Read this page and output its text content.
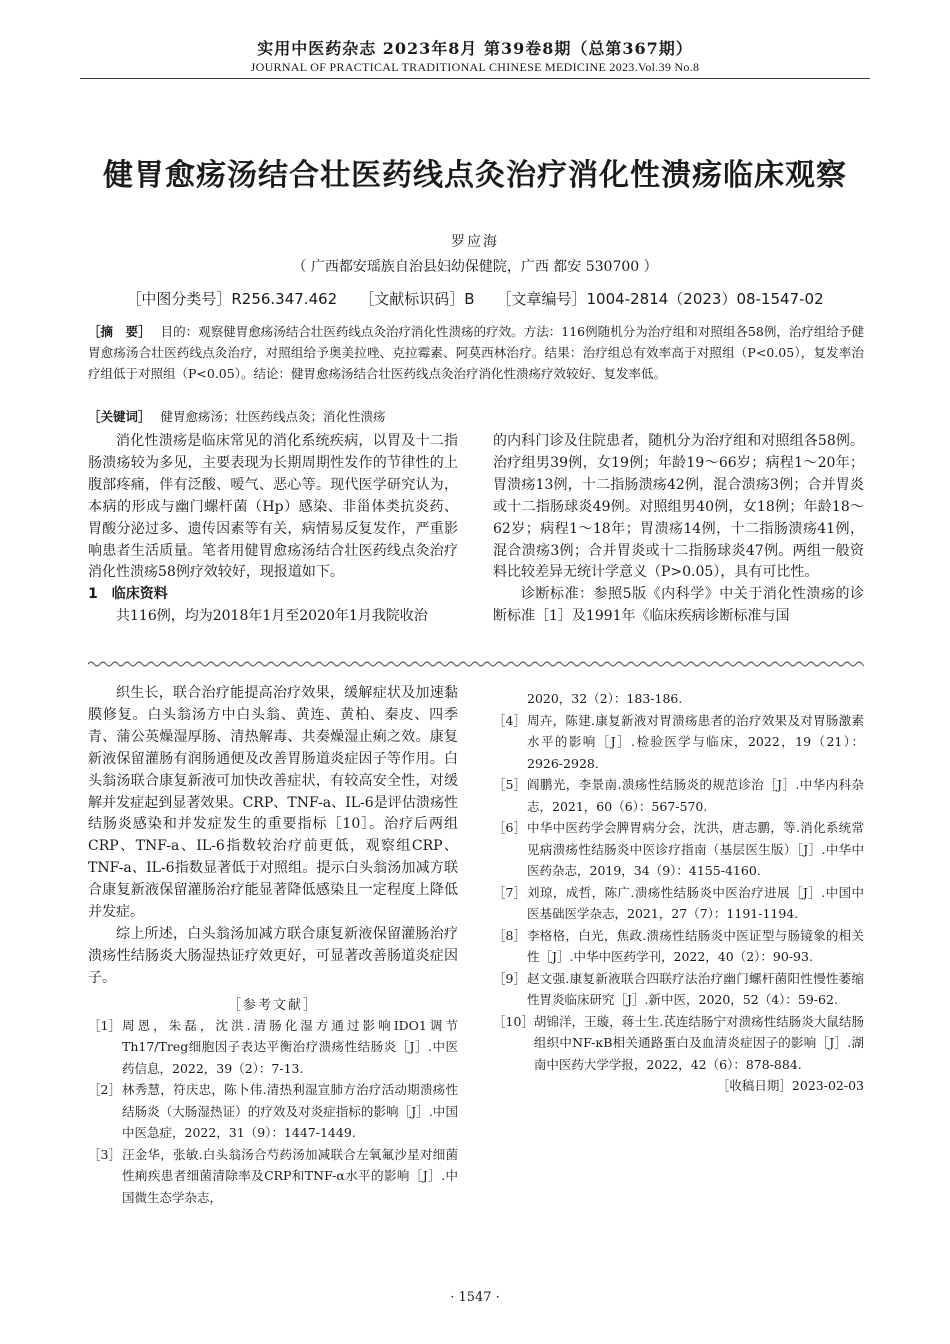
实用中医药杂志 2023年8月 第39卷8期（总第367期）
JOURNAL OF PRACTICAL TRADITIONAL CHINESE MEDICINE 2023.Vol.39 No.8
健胃愈疡汤结合壮医药线点灸治疗消化性溃疡临床观察
罗应海
（ 广西都安瑶族自治县妇幼保健院，广西 都安 530700 ）
［中图分类号］R256.347.462 ［文献标识码］B ［文章编号］1004-2814（2023）08-1547-02
［摘　要］ 目的：观察健胃愈疡汤结合壮医药线点灸治疗消化性溃疡的疗效。方法：116例随机分为治疗组和对照组各58例，治疗组给予健胃愈疡汤合壮医药线点灸治疗，对照组给予奥美拉唑、克拉霉素、阿莫西林治疗。结果：治疗组总有效率高于对照组（P<0.05），复发率治疗组低于对照组（P<0.05）。结论：健胃愈疡汤结合壮医药线点灸治疗消化性溃疡疗效较好、复发率低。
［关键词］ 健胃愈疡汤；壮医药线点灸；消化性溃疡

消化性溃疡是临床常见的消化系统疾病，以胃及十二指肠溃疡较为多见，主要表现为长期周期性发作的节律性的上腹部疼痛，伴有泛酸、嗳气、恶心等。现代医学研究认为，本病的形成与幽门螺杆菌（Hp）感染、非甾体类抗炎药、胃酸分泌过多、遗传因素等有关，病情易反复发作，严重影响患者生活质量。笔者用健胃愈疡汤结合壮医药线点灸治疗消化性溃疡58例疗效较好，现报道如下。

1　临床资料

共116例，均为2018年1月至2020年1月我院收治

的内科门诊及住院患者，随机分为治疗组和对照组各58例。治疗组男39例，女19例；年龄19～66岁；病程1～20年；胃溃疡13例，十二指肠溃疡42例，混合溃疡3例；合并胃炎或十二指肠球炎49例。对照组男40例，女18例；年龄18～62岁；病程1～18年；胃溃疡14例，十二指肠溃疡41例，混合溃疡3例；合并胃炎或十二指肠球炎47例。两组一般资料比较差异无统计学意义（P>0.05），具有可比性。

诊断标准：参照5版《内科学》中关于消化性溃疡的诊断标准［1］及1991年《临床疾病诊断标准与国

织生长，联合治疗能提高治疗效果，缓解症状及加速黏膜修复。白头翁汤方中白头翁、黄连、黄柏、秦皮、四季青、蒲公英燥湿厚肠、清热解毒、共奏燥湿止痢之效。康复新液保留灌肠有润肠通便及改善胃肠道炎症因子等作用。白头翁汤联合康复新液可加快改善症状，有较高安全性，对缓解并发症起到显著效果。CRP、TNF-a、IL-6是评估溃疡性结肠炎感染和并发症发生的重要指标［10］。治疗后两组CRP、TNF-a、IL-6指数较治疗前更低，观察组CRP、TNF-a、IL-6指数显著低于对照组。提示白头翁汤加减方联合康复新液保留灌肠治疗能显著降低感染且一定程度上降低并发症。

综上所述，白头翁汤加减方联合康复新液保留灌肠治疗溃疡性结肠炎大肠湿热证疗效更好，可显著改善肠道炎症因子。

［参考文献］
［1］ 周恩，朱磊，沈洪.清肠化湿方通过影响IDO1调节Th17/Treg细胞因子表达平衡治疗溃疡性结肠炎［J］.中医药信息，2022，39（2）：7-13.
［2］ 林秀慧，符庆忠，陈卜伟.清热利湿宣肺方治疗活动期溃疡性结肠炎（大肠湿热证）的疗效及对炎症指标的影响［J］.中国中医急症，2022，31（9）：1447-1449.
［3］ 汪金华，张敏.白头翁汤合芍药汤加减联合左氧氟沙星对细菌性痢疾患者细菌清除率及CRP和TNF-α水平的影响［J］.中国微生态学杂志，
2020，32（2）：183-186.
［4］ 周卉，陈建.康复新液对胃溃疡患者的治疗效果及对胃肠激素水平的影响［J］.检验医学与临床，2022，19（21）：2926-2928.
［5］ 阎鹏光，李景南.溃疡性结肠炎的规范诊治［J］.中华内科杂志，2021，60（6）：567-570.
［6］ 中华中医药学会脾胃病分会，沈洪，唐志鹏，等.消化系统常见病溃疡性结肠炎中医诊疗指南（基层医生版）［J］.中华中医药杂志，2019，34（9）：4155-4160.
［7］ 刘琼，成哲，陈广.溃疡性结肠炎中医治疗进展［J］.中国中医基础医学杂志，2021，27（7）：1191-1194.
［8］ 李格格，白光，焦政.溃疡性结肠炎中医证型与肠镜象的相关性［J］.中华中医药学刊，2022，40（2）：90-93.
［9］ 赵文强.康复新液联合四联疗法治疗幽门螺杆菌阳性慢性萎缩性胃炎临床研究［J］.新中医，2020，52（4）：59-62.
［10］ 胡锦洋，王璇，蒋士生.芪连结肠宁对溃疡性结肠炎大鼠结肠组织中NF-κB相关通路蛋白及血清炎症因子的影响［J］.湖南中医药大学学报，2022，42（6）：878-884.
［收稿日期］2023-02-03
· 1547 ·
